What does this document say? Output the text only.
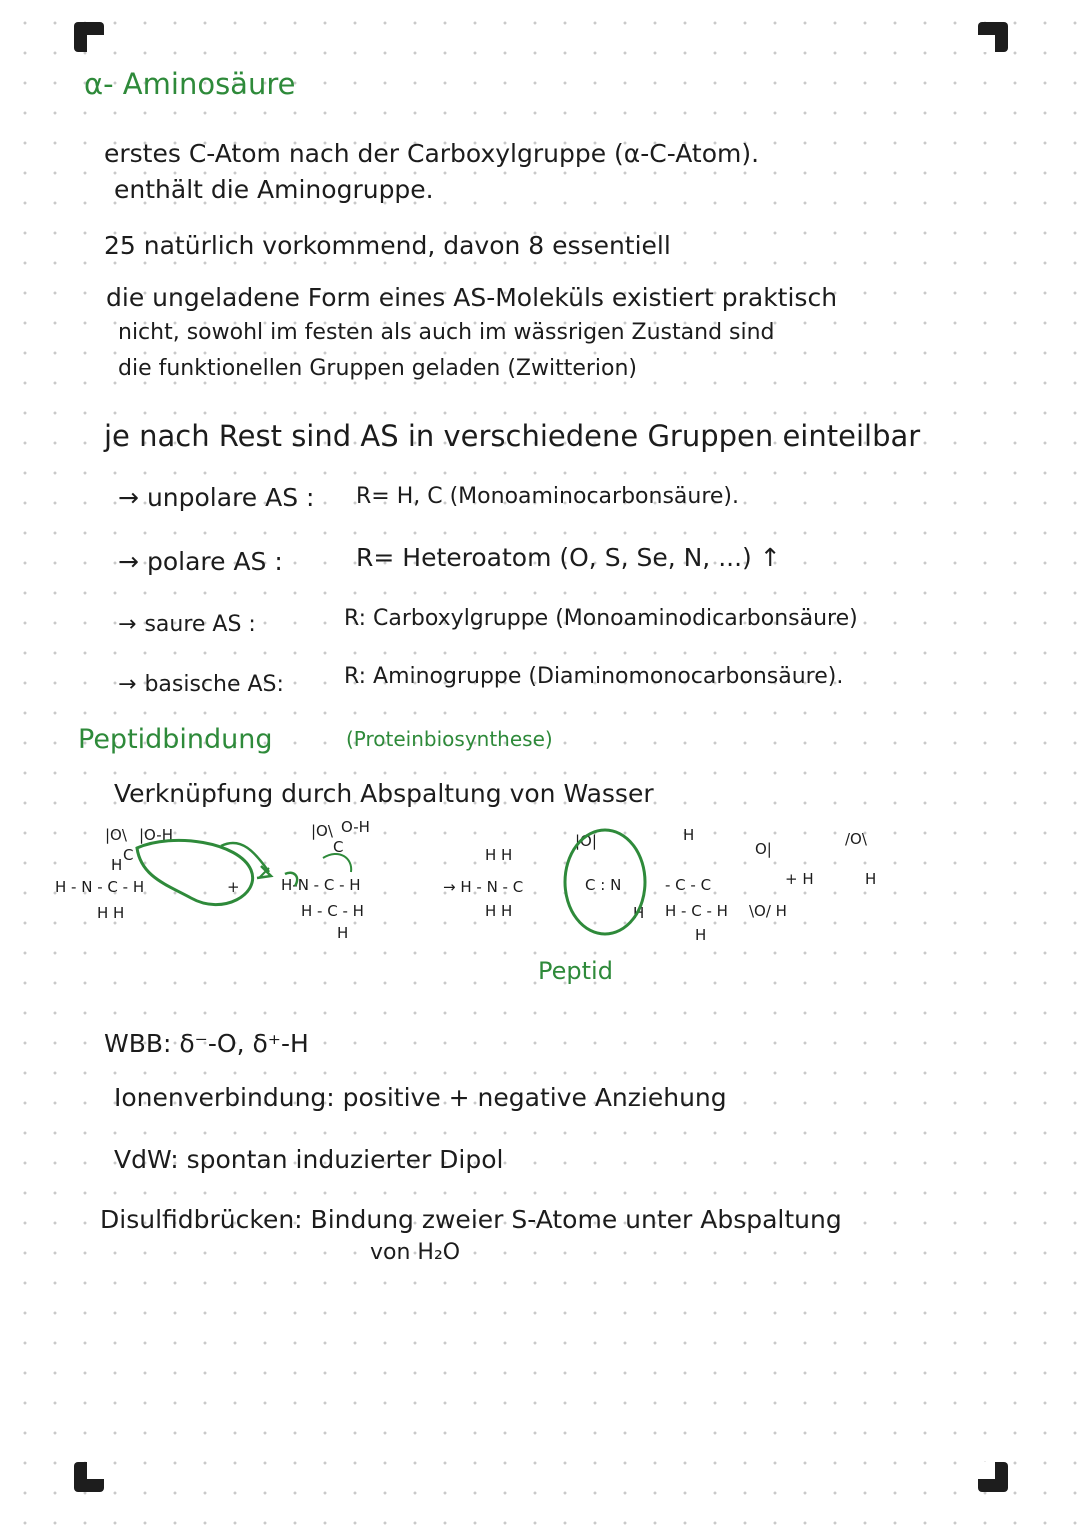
α- Aminosäure
erstes C-Atom nach der Carboxylgruppe (α-C-Atom).
enthält die Aminogruppe.
25 natürlich vorkommend, davon 8 essentiell
die ungeladene Form eines AS-Moleküls existiert praktisch
nicht, sowohl im festen als auch im wässrigen Zustand sind
die funktionellen Gruppen geladen (Zwitterion)
je nach Rest sind AS in verschiedene Gruppen einteilbar
→ unpolare AS : R= H, C (Monoaminocarbonsäure).
→ polare AS :	R= Heteroatom (O, S, Se, N, ...) ↑
→ saure AS :	R: Carboxylgruppe (Monoaminodicarbonsäure)
→ basische AS:	R: Aminogruppe (Diaminomonocarbonsäure).
Peptidbindung	(Proteinbiosynthese)
Verknüpfung durch Abspaltung von Wasser
|O\ |O-H
C
H
H - N - C - H
H H
+
|O\ O-H
C
H-N - C - H
H - C - H
H
→ H - N - C
H H
H H
C : N
|O|
H
- C - C
H
H - C - H
H
O|
\O/ H
+ H
/O\
H
Peptid
WBB: δ⁻-O, δ⁺-H
Ionenverbindung: positive + negative Anziehung
VdW: spontan induzierter Dipol
Disulfidbrücken: Bindung zweier S-Atome unter Abspaltung
von H₂O
